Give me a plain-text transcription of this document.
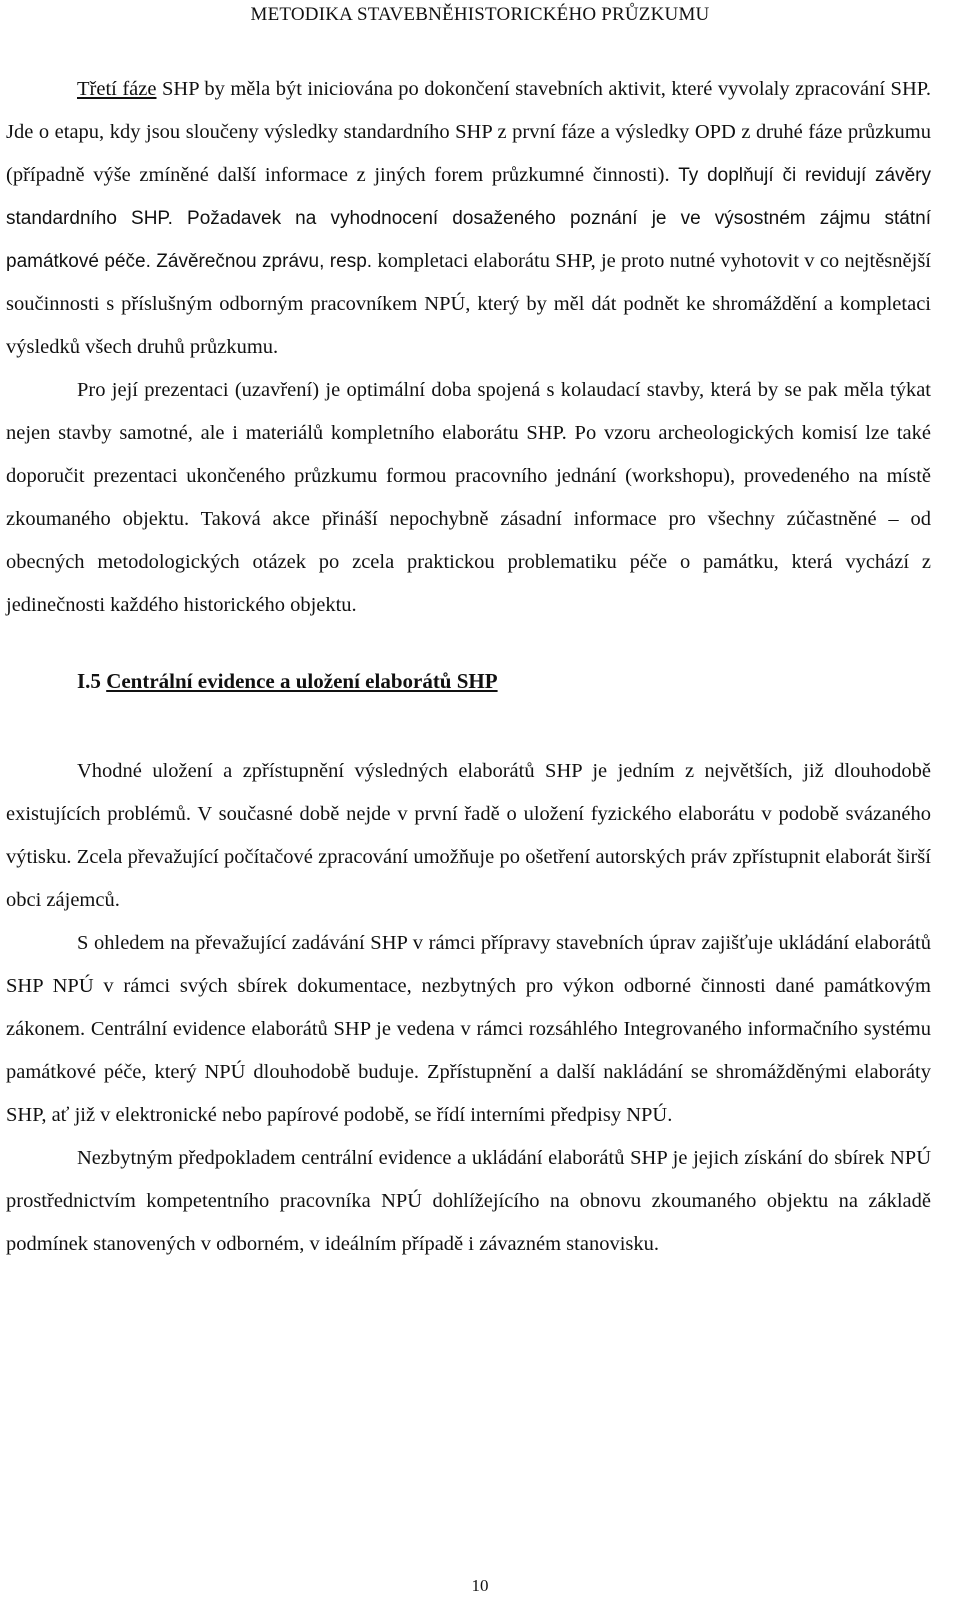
METODIKA STAVEBNĚHISTORICKÉHO PRŮZKUMU

Třetí fáze SHP by měla být iniciována po dokončení stavebních aktivit, které vyvolaly zpracování SHP. Jde o etapu, kdy jsou sloučeny výsledky standardního SHP z první fáze a výsledky OPD z druhé fáze průzkumu (případně výše zmíněné další informace z jiných forem průzkumné činnosti). Ty doplňují či revidují závěry standardního SHP. Požadavek na vyhodnocení dosaženého poznání je ve výsostném zájmu státní památkové péče. Závěrečnou zprávu, resp. kompletaci elaborátu SHP, je proto nutné vyhotovit v co nejtěsnější součinnosti s příslušným odborným pracovníkem NPÚ, který by měl dát podnět ke shromáždění a kompletaci výsledků všech druhů průzkumu.

Pro její prezentaci (uzavření) je optimální doba spojená s kolaudací stavby, která by se pak měla týkat nejen stavby samotné, ale i materiálů kompletního elaborátu SHP. Po vzoru archeologických komisí lze také doporučit prezentaci ukončeného průzkumu formou pracovního jednání (workshopu), provedeného na místě zkoumaného objektu. Taková akce přináší nepochybně zásadní informace pro všechny zúčastněné – od obecných metodologických otázek po zcela praktickou problematiku péče o památku, která vychází z jedinečnosti každého historického objektu.

I.5 Centrální evidence a uložení elaborátů SHP

Vhodné uložení a zpřístupnění výsledných elaborátů SHP je jedním z největších, již dlouhodobě existujících problémů. V současné době nejde v první řadě o uložení fyzického elaborátu v podobě svázaného výtisku. Zcela převažující počítačové zpracování umožňuje po ošetření autorských práv zpřístupnit elaborát širší obci zájemců.

S ohledem na převažující zadávání SHP v rámci přípravy stavebních úprav zajišťuje ukládání elaborátů SHP NPÚ v rámci svých sbírek dokumentace, nezbytných pro výkon odborné činnosti dané památkovým zákonem. Centrální evidence elaborátů SHP je vedena v rámci rozsáhlého Integrovaného informačního systému památkové péče, který NPÚ dlouhodobě buduje. Zpřístupnění a další nakládání se shromážděnými elaboráty SHP, ať již v elektronické nebo papírové podobě, se řídí interními předpisy NPÚ.

Nezbytným předpokladem centrální evidence a ukládání elaborátů SHP je jejich získání do sbírek NPÚ prostřednictvím kompetentního pracovníka NPÚ dohlížejícího na obnovu zkoumaného objektu na základě podmínek stanovených v odborném, v ideálním případě i závazném stanovisku.

10
